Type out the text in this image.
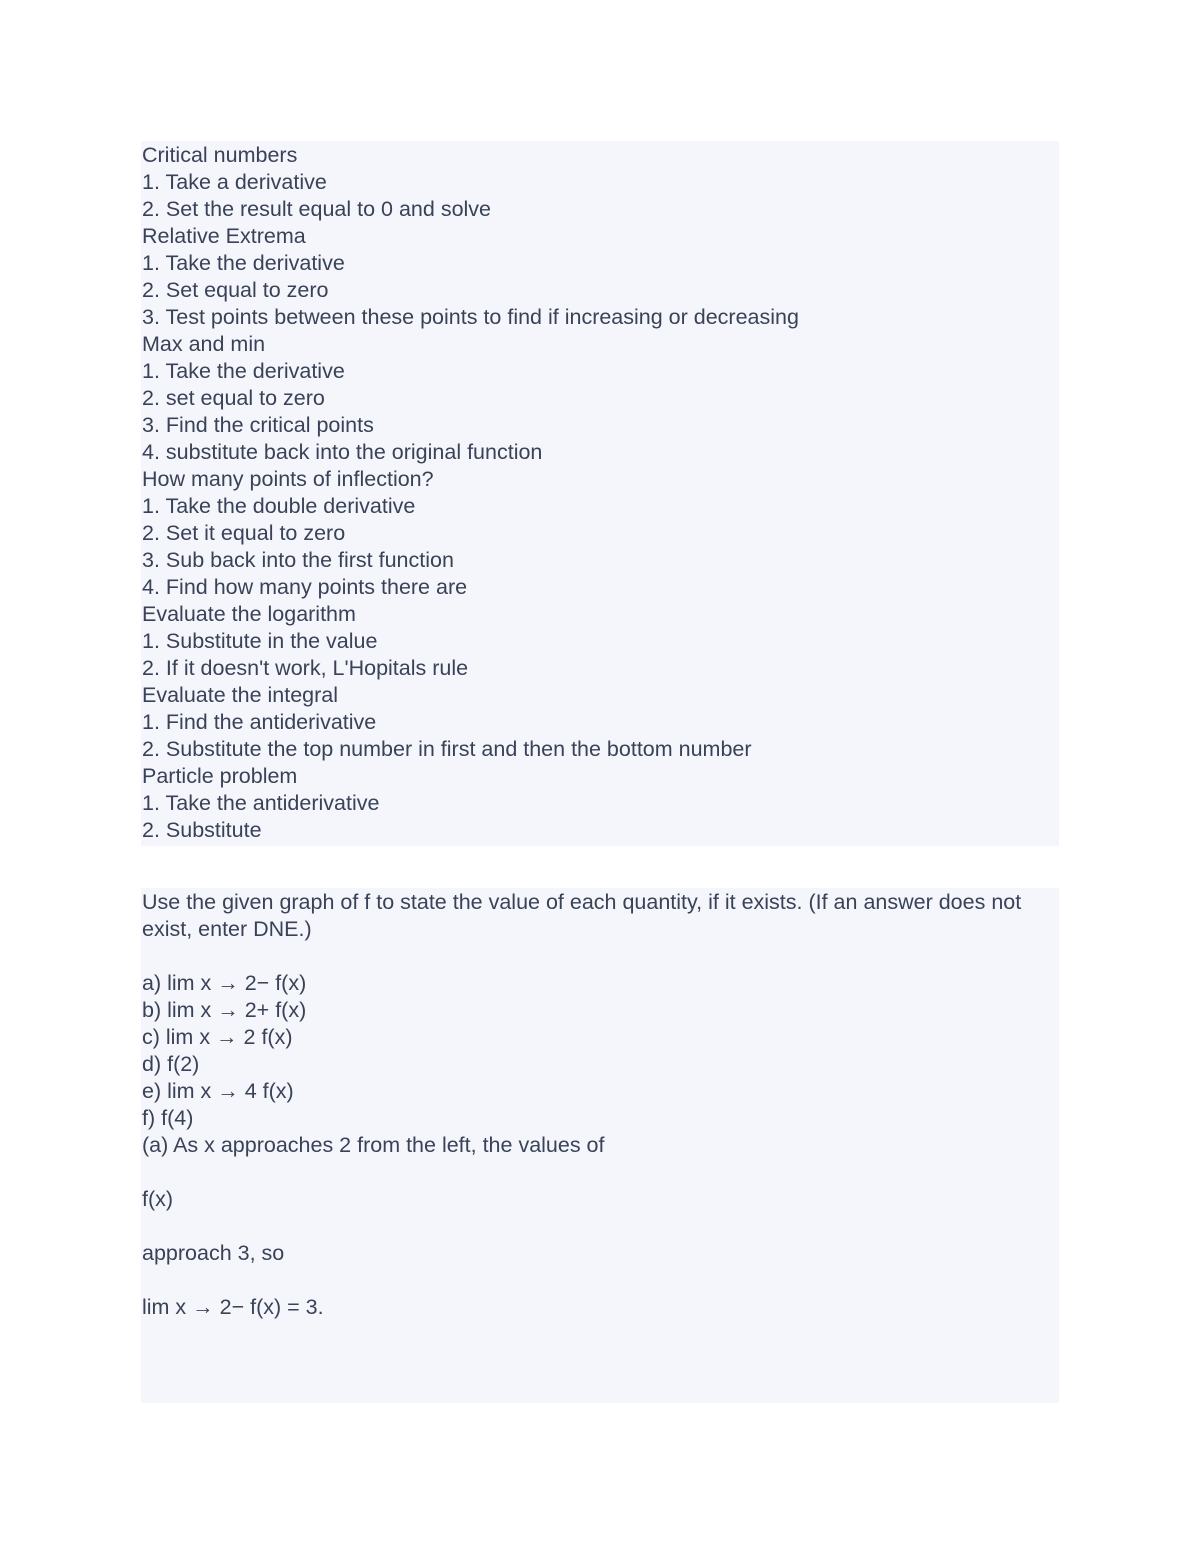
Critical numbers
1. Take a derivative
2. Set the result equal to 0 and solve
Relative Extrema
1. Take the derivative
2. Set equal to zero
3. Test points between these points to find if increasing or decreasing
Max and min
1. Take the derivative
2. set equal to zero
3. Find the critical points
4. substitute back into the original function
How many points of inflection?
1. Take the double derivative
2. Set it equal to zero
3. Sub back into the first function
4. Find how many points there are
Evaluate the logarithm
1. Substitute in the value
2. If it doesn't work, L'Hopitals rule
Evaluate the integral
1. Find the antiderivative
2. Substitute the top number in first and then the bottom number
Particle problem
1. Take the antiderivative
2. Substitute
Use the given graph of f to state the value of each quantity, if it exists. (If an answer does not exist, enter DNE.)
a) lim x → 2− f(x)
b) lim x → 2+ f(x)
c) lim x → 2 f(x)
d) f(2)
e) lim x → 4 f(x)
f) f(4)
(a) As x approaches 2 from the left, the values of
f(x)
approach 3, so
lim x → 2− f(x) = 3.
